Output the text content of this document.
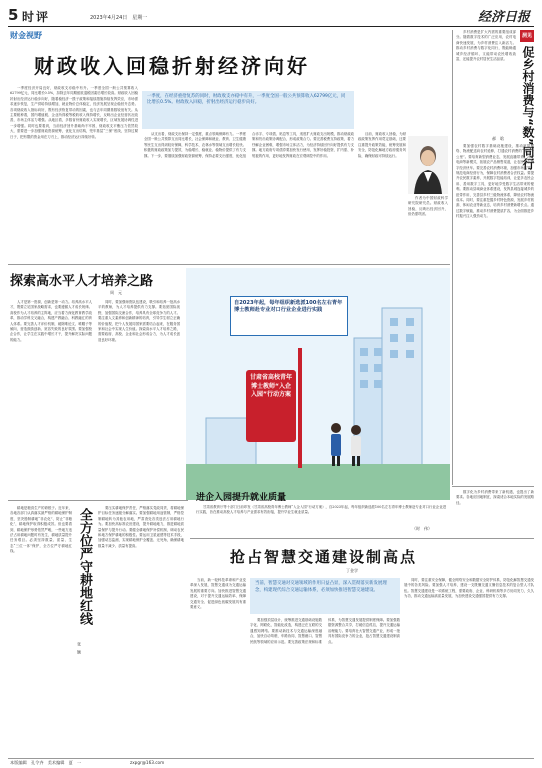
5 时评	2023年4月24日　星期一	经济日报
财金视野
财政收入回稳折射经济向好
一季度，在经济重拾复苏的同时，财政收支亦稳中有升，一季度全国一般公共预算收入62799亿元，同比增长0.5%。财政收入回稳，折射出经济运行稳步向好。
一季度经济开局良好，财政收支亦稳中有升。一季度全国一般公共预算收入62799亿元，同比增长0.5%，扣除去年同期留抵退税因素后增长较高。财政收入回稳折射出经济运行稳步向好，随着稳经济一揽子政策和接续措施持续发挥效应，市场需求逐步恢复，生产供给持续增加，就业物价总体稳定，经济发展呈现企稳回升态势。各项财政收入指标向好，既有经济恢复带动的因素，也与去年同期基数较低有关。从主要税种看，国内增值税、企业所得税等税收收入保持增长，反映出企业经营状况改善，市场主体活力增强。从地区看，多数省份财政收入实现增长，区域发展协调性进一步增强。同时也要看到，当前经济回升基础尚不牢固，财政收支平衡压力依然较大，需要进一步加强财政资源统筹，优化支出结构，兜牢基层“三保”底线，坚持过紧日子，把有限的资金用在刀刃上，推动经济运行持续好转。
从支出看，财政支出保持一定强度，重点领域保障有力。一季度全国一般公共预算支出同比增长，社会保障和就业、教育、卫生健康等民生支出得到较好保障，科学技术、农林水等领域支出增长较快。积极的财政政策加力提效，为稳增长、稳就业、稳物价提供了有力支撑。下一步，要继续加强财政资源统筹，保持必要支出强度，优化组合赤字、专项债、贴息等工具，适度扩大财政支出规模，推动财政政策和货币政策协调配合，形成政策合力。要完善税费支持政策，着力纾解企业困难，增强市场主体活力，为经济持续回升向好提供有力支撑。地方政府专项债券要加快发行使用，发挥好稳投资、扩内需、补短板的作用，更好地发挥财政在宏观调控中的作用。
目前，财政收入回稳，为财政政策发挥作用奠定基础，还要注重提升政策效能，统筹发展和安全，防范化解地方政府债务风险，确保财政可持续运行。
作者为中国财政科学研究院研究员。财政收入回稳，反映出经济回升，但仍需巩固。
洞见
促乡村消费与“数”同行
乡村消费是扩大内需的重要组成部分。随着数字技术的广泛应用，农村电商快速发展，为乡村消费注入新活力。推动乡村消费与数字化同行，既能畅通城乡经济循环，又能带动农民增收致富，还能提升农村居民生活品质。
郝　晗
要加强农村数字基础设施建设，推动宽带网络、物流配送向农村延伸，打通农村消费的“最后一公里”。要培育新型消费业态，发展直播带货、社交电商等新模式，拓展农产品销售渠道，让农民搭上数字经济快车。要完善农村消费环境，加强市场监管，规范电商经营行为，保障农村消费者合法权益。要提升农民数字素养，开展数字技能培训，让更多农民会用、善用数字工具，更好地享受数字生活带来的便利。要推动县域商业体系建设，发挥县城连接城乡的纽带作用，完善县乡村三级物流体系，降低农村物流成本。同时，要注重挖掘乡村特色资源，发展乡村旅游、休闲农业等新业态，培育乡村消费新增长点。通过数字赋能，推动乡村消费提质扩容，为全面推进乡村振兴注入强劲动力。
探索高水平人才培养之路
周　元
人才是第一资源，创新是第一动力。培养高水平人才，既要立足国家战略需求，也要遵循人才成长规律。高校作为人才培养的主阵地，应当着力深化教育教学改革，推动学科交叉融合，构建产教融合、科教融汇的育人体系。要完善人才评价机制，破除唯论文、唯帽子等倾向，营造鼓励创新、宽容失败的良好氛围。要加强校企合作，让学生在实践中增长才干，提升解决实际问题的能力。
同时，要加强师资队伍建设，吸引和培养一批高水平的教师，为人才培养提供有力支撑。要拓宽国际视野，加强国际交流合作，培养具有全球竞争力的人才。要注重人文素养和创新精神的培育，引导学生树立正确的价值观，把个人发展同国家需要结合起来，在服务国家和社会中实现人生价值。探索高水平人才培养之路，需要政府、高校、企业和社会形成合力，为人才成长创造良好环境。
自2023年起，每年组织新选派100名左右青年博士教师赴专业对口行业企业进行实践
甘肃省高校青年博士教师“入企入园”行动方案
进企入园提升就业质量
甘肃省教育厅等十部门日前印发《甘肃省高校青年博士教师“入企入园”行动方案》，自2023年起，每年组织新选派100名左右青年博士教师赴专业对口行业企业进行实践，旨在推动高校人才培养与产业需求有效衔接，提升毕业生就业质量。
（时　伟）
数字化为乡村消费带来了新机遇，也提出了新要求。各地应因地制宜，探索适合本地实际的发展路径。
耕地是粮食生产的命根子。近年来，各地各部门认真落实最严格的耕地保护制度，坚决遏制耕地“非农化”、防止“非粮化”，耕地保护取得积极成效。但也要看到，耕地保护形势依然严峻，一些地方违法占用耕地问题时有发生，耕地质量提升任务艰巨。必须坚持数量、质量、生态“三位一体”保护，全方位严守耕地红线。	全方位严守耕地红线
张　颖
要压实耕地保护责任，严格落实党政同责，将耕地保护目标任务逐级分解落实。要加强耕地用途管制，严格控制耕地转为其他农用地，严肃查处各类违法占用耕地行为。要加快高标准农田建设，提升耕地地力，推进耕地质量保护与提升行动。要健全耕地保护补偿机制，调动农民和地方保护耕地的积极性。要运用卫星遥感等技术手段，加强动态监测，实现耕地保护全覆盖、无死角，确保耕地数量不减少、质量有提高。
抢占智慧交通建设制高点
丁金学
当前，智慧交通对交通领域的作用日益凸显，深入贯彻落实新发展理念，构建现代综合交通运输体系，必须加快推进智慧交通建设。
当前，新一轮科技革命和产业变革深入发展，智慧交通成为交通运输发展的重要方向。加快推进智慧交通建设，对于提升交通运输效率、保障交通安全、促进绿色低碳发展具有重要意义。
要加强顶层设计，统筹推进交通基础设施数字化、网联化、智能化改造，构建泛在互联的交通感知网络。要推动新技术与交通运输深度融合，加快自动驾驶、车路协同、智慧港口、智慧民航等领域的应用示范。要完善政策法规和标准体系，为智慧交通发展提供制度保障。要加强数据资源整合共享，打破信息孤岛，提升交通运输治理能力。要培育壮大智慧交通产业，形成一批具有国际竞争力的企业，抢占智慧交通建设制高点。
同时，要注重安全保障，健全网络安全和数据安全防护体系，防范化解智慧交通发展中的各类风险。要加强人才培养，建设一支既懂交通又懂信息技术的复合型人才队伍。智慧交通建设是一项系统工程，需要政府、企业、科研机构等多方协同发力，久久为功，推动交通运输高质量发展，为加快建设交通强国提供有力支撑。
本版编辑　孔令齐　美术编辑　夏　一	zxpgr@163.com
